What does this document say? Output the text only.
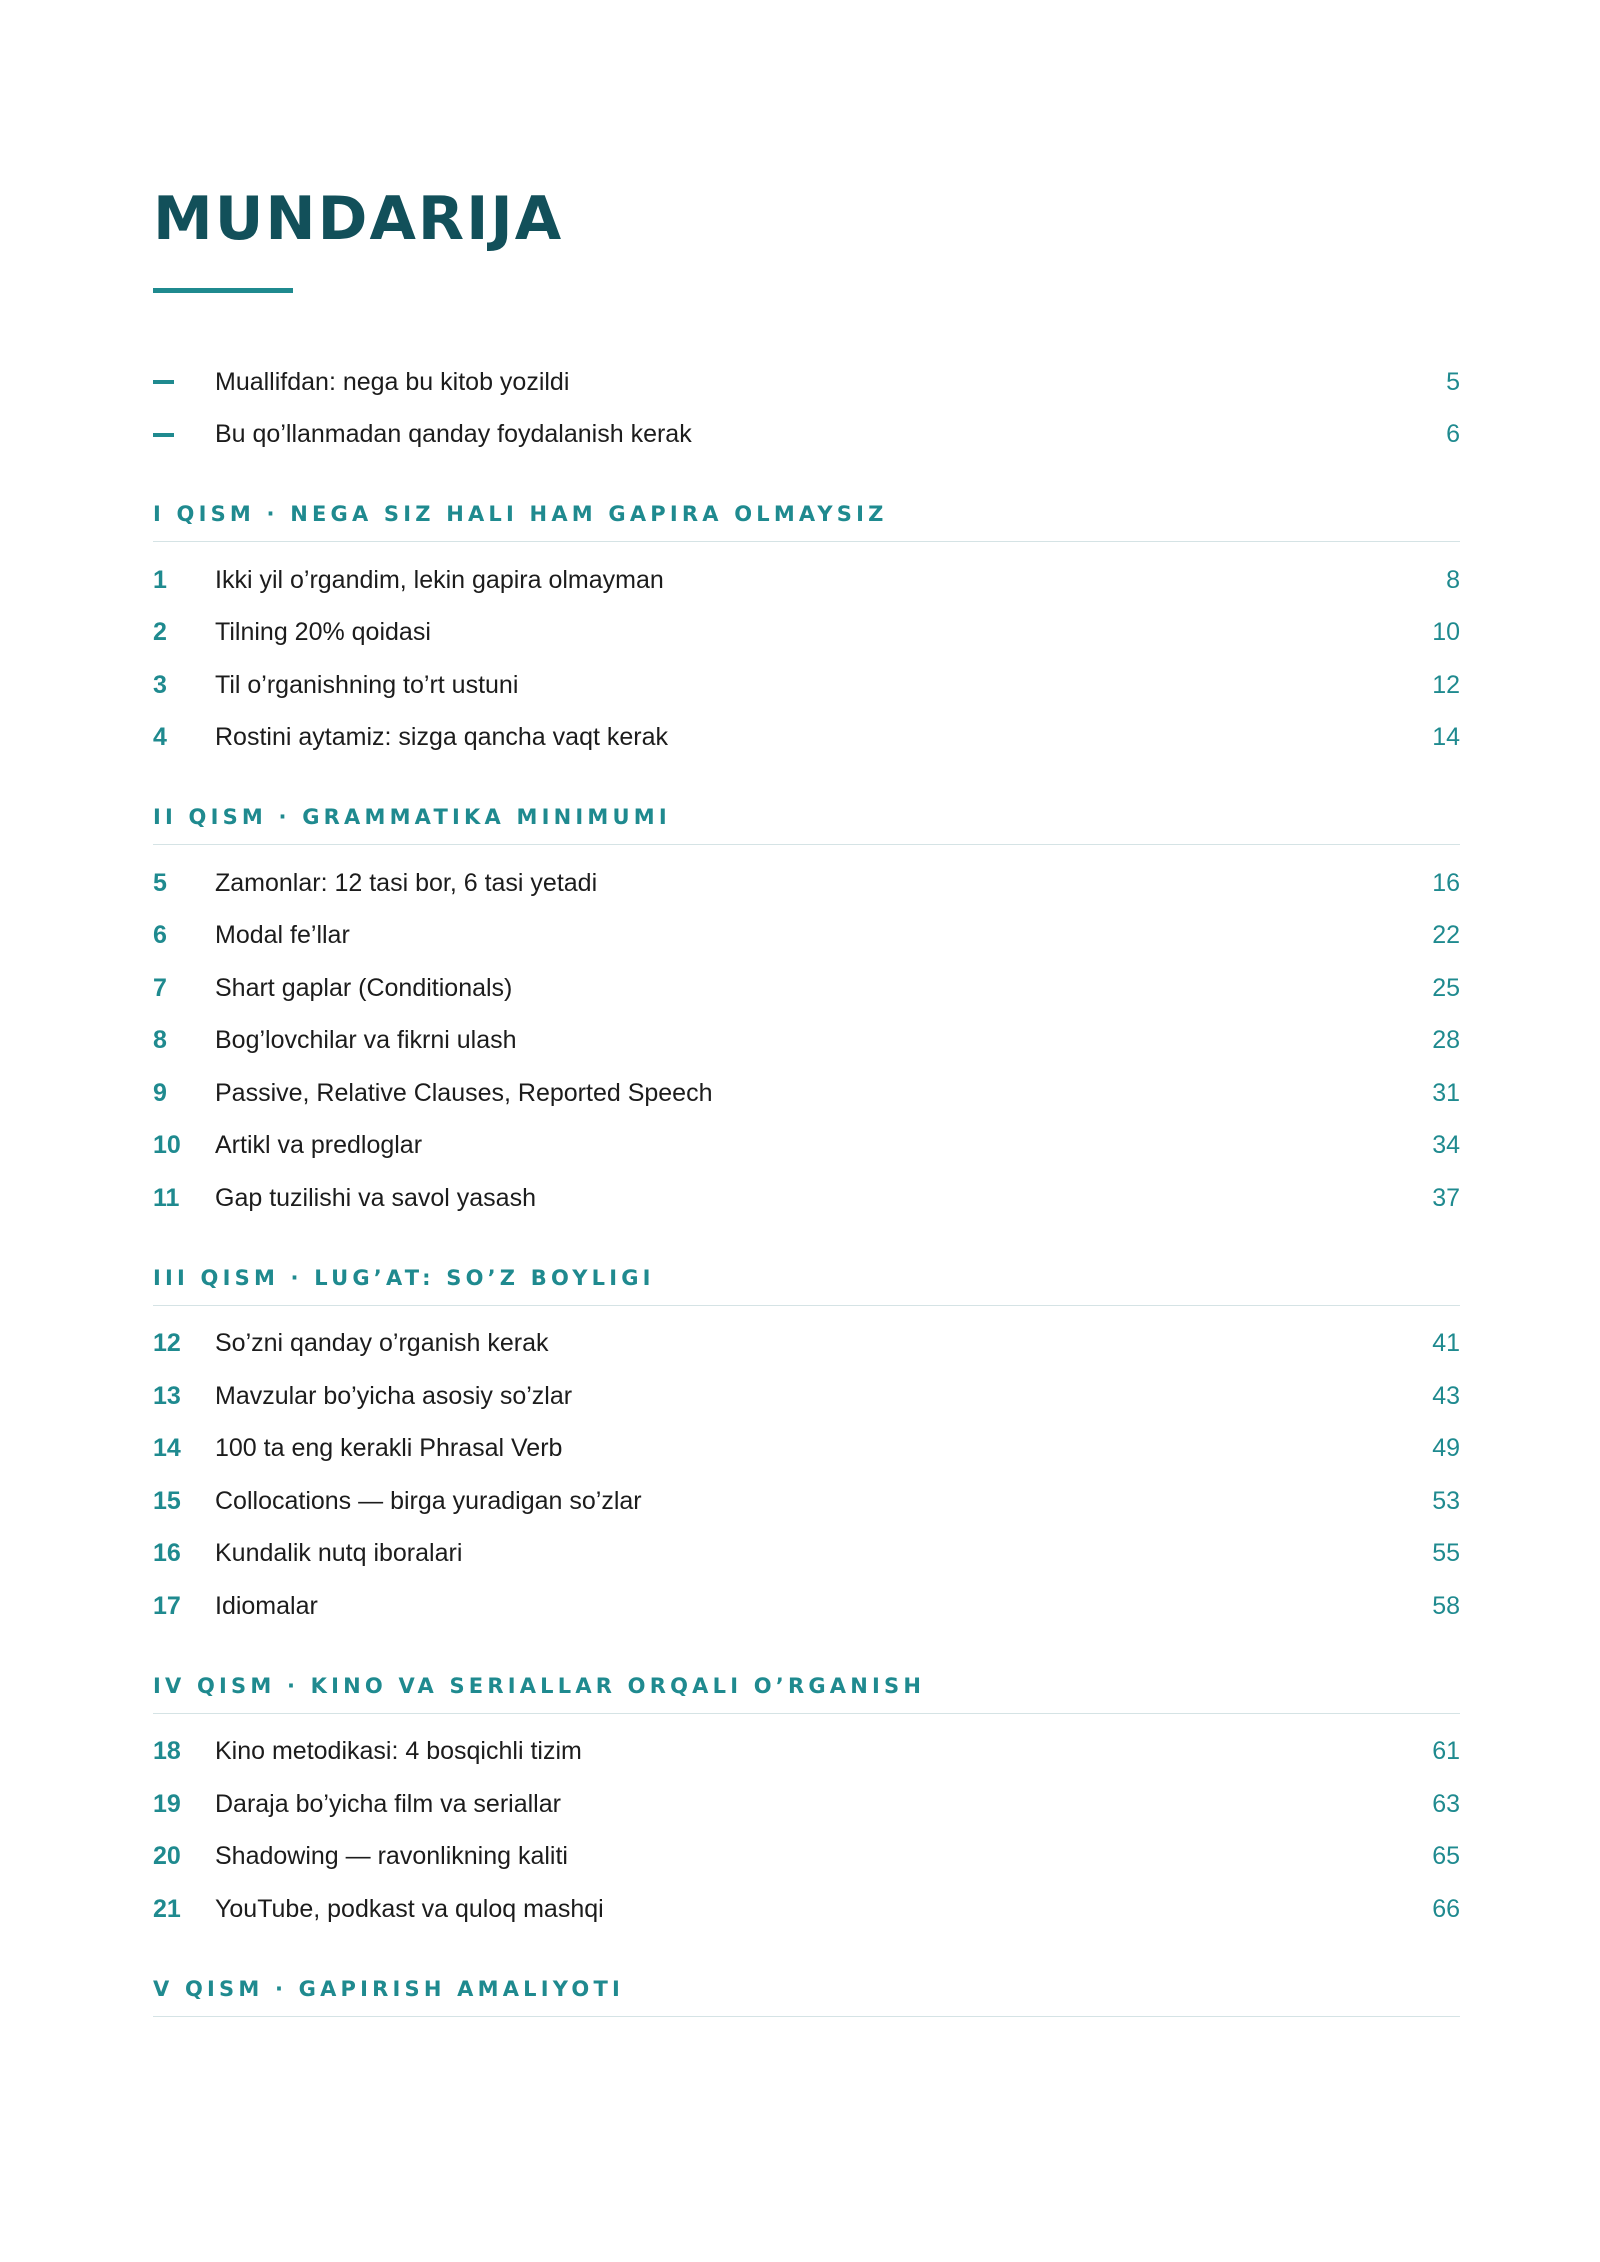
MUNDARIJA
Muallifdan: nega bu kitob yozildi	5
Bu qo’llanmadan qanday foydalanish kerak	6
I QISM · NEGA SIZ HALI HAM GAPIRA OLMAYSIZ
1	Ikki yil o’rgandim, lekin gapira olmayman	8
2	Tilning 20% qoidasi	10
3	Til o’rganishning to’rt ustuni	12
4	Rostini aytamiz: sizga qancha vaqt kerak	14
II QISM · GRAMMATIKA MINIMUMI
5	Zamonlar: 12 tasi bor, 6 tasi yetadi	16
6	Modal fe’llar	22
7	Shart gaplar (Conditionals)	25
8	Bog’lovchilar va fikrni ulash	28
9	Passive, Relative Clauses, Reported Speech	31
10	Artikl va predloglar	34
11	Gap tuzilishi va savol yasash	37
III QISM · LUG’AT: SO’Z BOYLIGI
12	So’zni qanday o’rganish kerak	41
13	Mavzular bo’yicha asosiy so’zlar	43
14	100 ta eng kerakli Phrasal Verb	49
15	Collocations — birga yuradigan so’zlar	53
16	Kundalik nutq iboralari	55
17	Idiomalar	58
IV QISM · KINO VA SERIALLAR ORQALI O’RGANISH
18	Kino metodikasi: 4 bosqichli tizim	61
19	Daraja bo’yicha film va seriallar	63
20	Shadowing — ravonlikning kaliti	65
21	YouTube, podkast va quloq mashqi	66
V QISM · GAPIRISH AMALIYOTI
